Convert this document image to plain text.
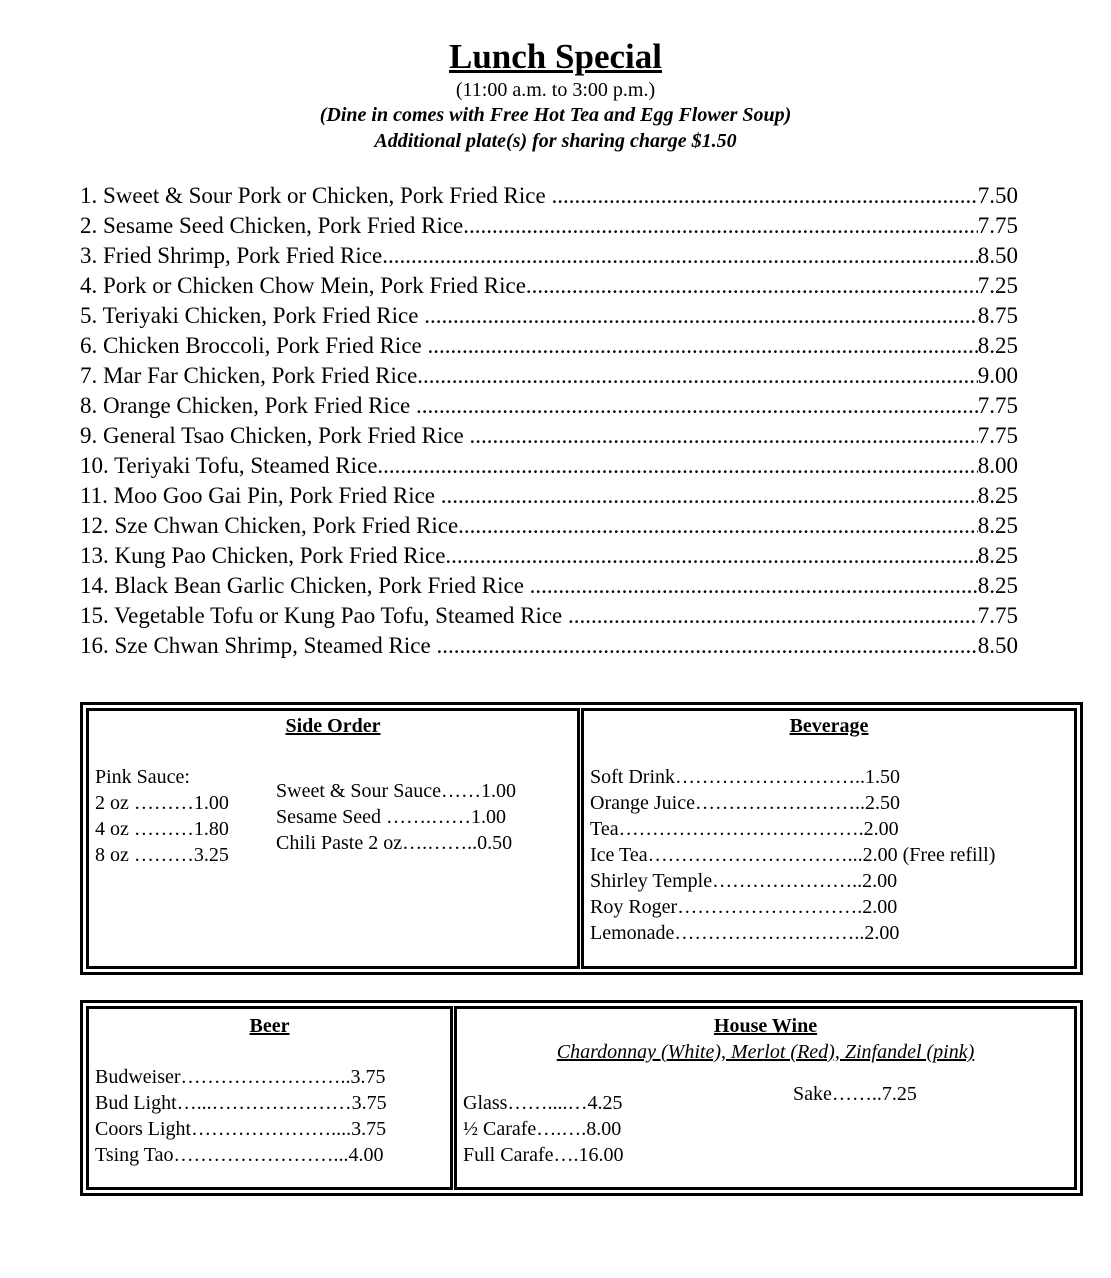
Lunch Special
(11:00 a.m. to 3:00 p.m.)
(Dine in comes with Free Hot Tea and Egg Flower Soup)
Additional plate(s) for sharing charge $1.50
1. Sweet & Sour Pork or Chicken, Pork Fried Rice .....	7.50
2. Sesame Seed Chicken, Pork Fried Rice .....	7.75
3. Fried Shrimp, Pork Fried Rice .....	8.50
4. Pork or Chicken Chow Mein, Pork Fried Rice .....	7.25
5. Teriyaki Chicken, Pork Fried Rice .....	8.75
6. Chicken Broccoli, Pork Fried Rice .....	8.25
7. Mar Far Chicken, Pork Fried Rice .....	9.00
8. Orange Chicken, Pork Fried Rice .....	7.75
9. General Tsao Chicken, Pork Fried Rice .....	7.75
10. Teriyaki Tofu, Steamed Rice .....	8.00
11. Moo Goo Gai Pin, Pork Fried Rice .....	8.25
12. Sze Chwan Chicken, Pork Fried Rice .....	8.25
13. Kung Pao Chicken, Pork Fried Rice .....	8.25
14. Black Bean Garlic Chicken, Pork Fried Rice .....	8.25
15. Vegetable Tofu or Kung Pao Tofu, Steamed Rice .....	7.75
16. Sze Chwan Shrimp, Steamed Rice .....	8.50
Side Order
Pink Sauce:
2 oz ………1.00
4 oz ………1.80
8 oz ………3.25
Sweet & Sour Sauce……1.00
Sesame Seed …….……1.00
Chili Paste 2 oz….……..0.50
Beverage
Soft Drink………………………..1.50
Orange Juice……………………..2.50
Tea……………………………….2.00
Ice Tea…………………………...2.00 (Free refill)
Shirley Temple…………………..2.00
Roy Roger……………………….2.00
Lemonade………………………..2.00
Beer
Budweiser……………………..3.75
Bud Light…...…………………3.75
Coors Light…………………....3.75
Tsing Tao……………………...4.00
House Wine
Chardonnay (White), Merlot (Red), Zinfandel (pink)
Glass……....…4.25
½ Carafe….….8.00
Full Carafe….16.00
Sake……..7.25
